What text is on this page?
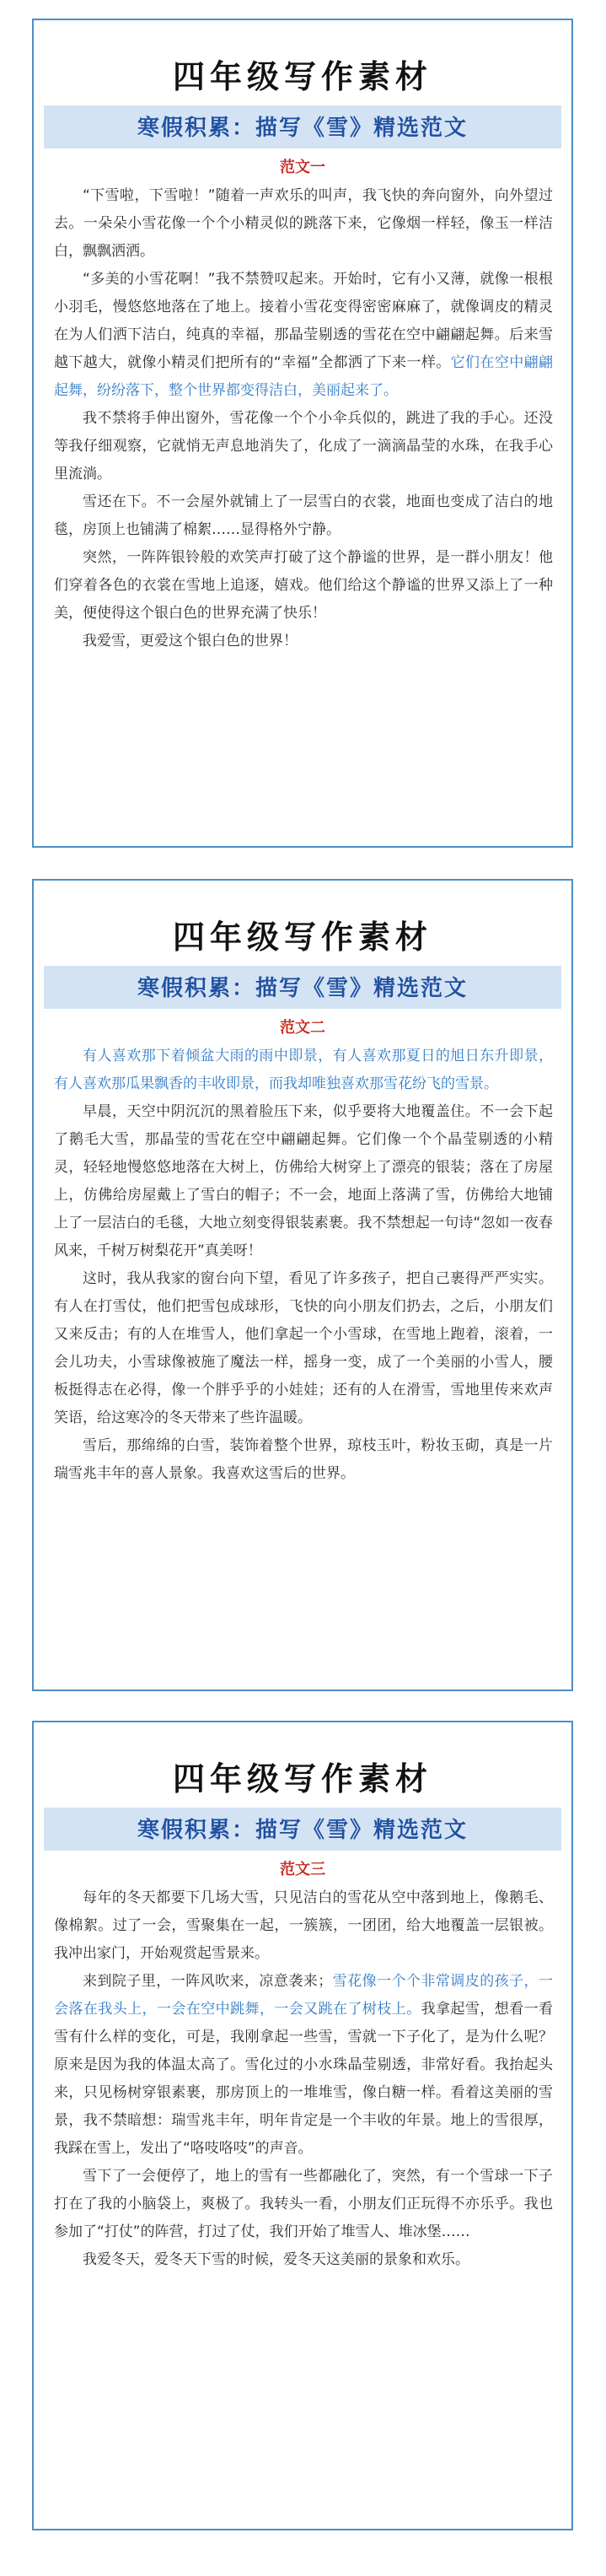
四年级写作素材
寒假积累：描写《雪》精选范文
范文一

“下雪啦，下雪啦！”随着一声欢乐的叫声，我飞快的奔向窗外，向外望过去。一朵朵小雪花像一个个小精灵似的跳落下来，它像烟一样轻，像玉一样洁白，飘飘洒洒。

“多美的小雪花啊！”我不禁赞叹起来。开始时，它有小又薄，就像一根根小羽毛，慢悠悠地落在了地上。接着小雪花变得密密麻麻了，就像调皮的精灵在为人们洒下洁白，纯真的幸福，那晶莹剔透的雪花在空中翩翩起舞。后来雪越下越大，就像小精灵们把所有的“幸福”全都洒了下来一样。它们在空中翩翩起舞，纷纷落下，整个世界都变得洁白，美丽起来了。

我不禁将手伸出窗外，雪花像一个个小伞兵似的，跳进了我的手心。还没等我仔细观察，它就悄无声息地消失了，化成了一滴滴晶莹的水珠，在我手心里流淌。

雪还在下。不一会屋外就铺上了一层雪白的衣裳，地面也变成了洁白的地毯，房顶上也铺满了棉絮……显得格外宁静。

突然，一阵阵银铃般的欢笑声打破了这个静谧的世界，是一群小朋友！他们穿着各色的衣裳在雪地上追逐，嬉戏。他们给这个静谧的世界又添上了一种美，便使得这个银白色的世界充满了快乐！

我爱雪，更爱这个银白色的世界！

四年级写作素材
寒假积累：描写《雪》精选范文
范文二

有人喜欢那下着倾盆大雨的雨中即景，有人喜欢那夏日的旭日东升即景，有人喜欢那瓜果飘香的丰收即景，而我却唯独喜欢那雪花纷飞的雪景。

早晨，天空中阴沉沉的黑着脸压下来，似乎要将大地覆盖住。不一会下起了鹅毛大雪，那晶莹的雪花在空中翩翩起舞。它们像一个个晶莹剔透的小精灵，轻轻地慢悠悠地落在大树上，仿佛给大树穿上了漂亮的银装；落在了房屋上，仿佛给房屋戴上了雪白的帽子；不一会，地面上落满了雪，仿佛给大地铺上了一层洁白的毛毯，大地立刻变得银装素裹。我不禁想起一句诗“忽如一夜春风来，千树万树梨花开”真美呀！

这时，我从我家的窗台向下望，看见了许多孩子，把自己裹得严严实实。有人在打雪仗，他们把雪包成球形，飞快的向小朋友们扔去，之后，小朋友们又来反击；有的人在堆雪人，他们拿起一个小雪球，在雪地上跑着，滚着，一会儿功夫，小雪球像被施了魔法一样，摇身一变，成了一个美丽的小雪人，腰板挺得志在必得，像一个胖乎乎的小娃娃；还有的人在滑雪，雪地里传来欢声笑语，给这寒冷的冬天带来了些许温暖。

雪后，那绵绵的白雪，装饰着整个世界，琼枝玉叶，粉妆玉砌，真是一片瑞雪兆丰年的喜人景象。我喜欢这雪后的世界。

四年级写作素材
寒假积累：描写《雪》精选范文
范文三

每年的冬天都要下几场大雪，只见洁白的雪花从空中落到地上，像鹅毛、像棉絮。过了一会，雪聚集在一起，一簇簇，一团团，给大地覆盖一层银被。我冲出家门，开始观赏起雪景来。

来到院子里，一阵风吹来，凉意袭来；雪花像一个个非常调皮的孩子，一会落在我头上，一会在空中跳舞，一会又跳在了树枝上。我拿起雪，想看一看雪有什么样的变化，可是，我刚拿起一些雪，雪就一下子化了，是为什么呢？原来是因为我的体温太高了。雪化过的小水珠晶莹剔透，非常好看。我抬起头来，只见杨树穿银素裹，那房顶上的一堆堆雪，像白糖一样。看着这美丽的雪景，我不禁暗想：瑞雪兆丰年，明年肯定是一个丰收的年景。地上的雪很厚，我踩在雪上，发出了“咯吱咯吱”的声音。

雪下了一会便停了，地上的雪有一些都融化了，突然，有一个雪球一下子打在了我的小脑袋上，爽极了。我转头一看，小朋友们正玩得不亦乐乎。我也参加了“打仗”的阵营，打过了仗，我们开始了堆雪人、堆冰堡……

我爱冬天，爱冬天下雪的时候，爱冬天这美丽的景象和欢乐。
